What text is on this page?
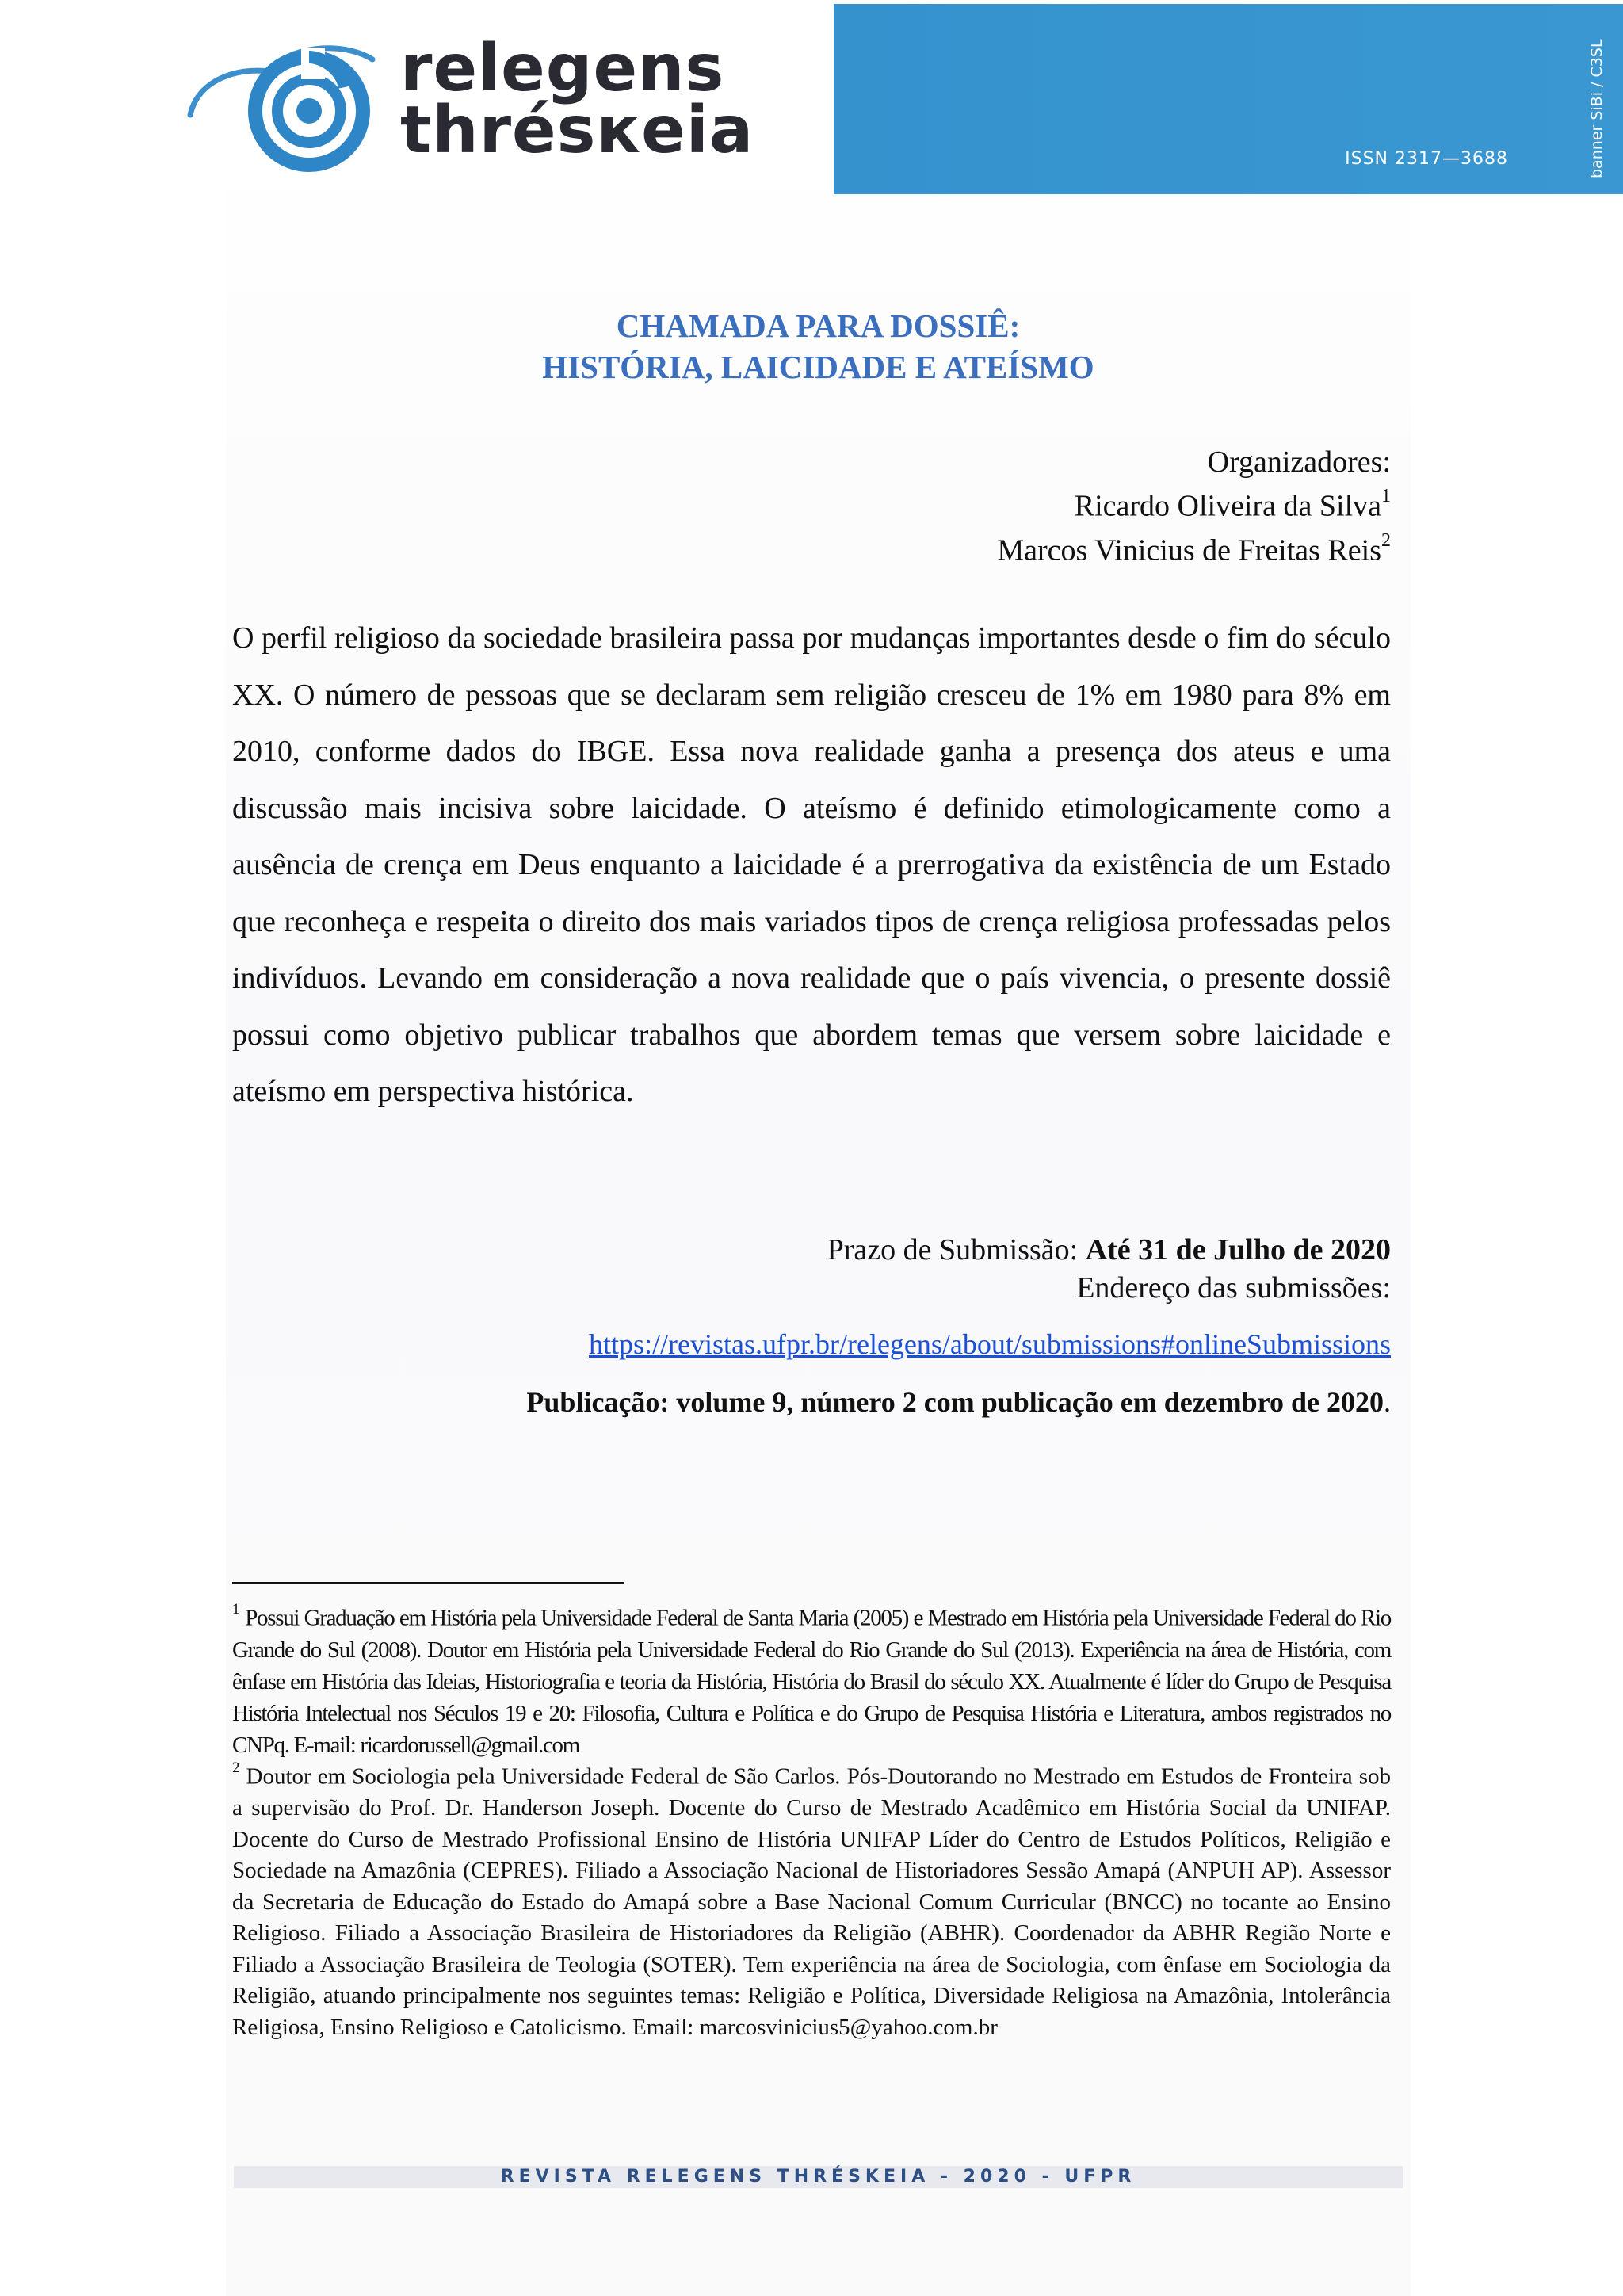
relegens
thrésкeia	ISSN 2317—3688	banner SiBi / C3SL
CHAMADA PARA DOSSIÊ:
HISTÓRIA, LAICIDADE E ATEÍSMO
Organizadores:
Ricardo Oliveira da Silva$^1$
Marcos Vinicius de Freitas Reis$^2$
O perfil religioso da sociedade brasileira passa por mudanças importantes desde o fim do século XX. O número de pessoas que se declaram sem religião cresceu de 1% em 1980 para 8% em 2010, conforme dados do IBGE. Essa nova realidade ganha a presença dos ateus e uma discussão mais incisiva sobre laicidade. O ateísmo é definido etimologicamente como a ausência de crença em Deus enquanto a laicidade é a prerrogativa da existência de um Estado que reconheça e respeita o direito dos mais variados tipos de crença religiosa professadas pelos indivíduos. Levando em consideração a nova realidade que o país vivencia, o presente dossiê possui como objetivo publicar trabalhos que abordem temas que versem sobre laicidade e ateísmo em perspectiva histórica.
Prazo de Submissão: Até 31 de Julho de 2020
Endereço das submissões:
https://revistas.ufpr.br/relegens/about/submissions#onlineSubmissions
Publicação: volume 9, número 2 com publicação em dezembro de 2020.
$^1$ Possui Graduação em História pela Universidade Federal de Santa Maria (2005) e Mestrado em História pela Universidade Federal do Rio Grande do Sul (2008). Doutor em História pela Universidade Federal do Rio Grande do Sul (2013). Experiência na área de História, com ênfase em História das Ideias, Historiografia e teoria da História, História do Brasil do século XX. Atualmente é líder do Grupo de Pesquisa História Intelectual nos Séculos 19 e 20: Filosofia, Cultura e Política e do Grupo de Pesquisa História e Literatura, ambos registrados no CNPq. E-mail: ricardorussell@gmail.com
$^2$ Doutor em Sociologia pela Universidade Federal de São Carlos. Pós-Doutorando no Mestrado em Estudos de Fronteira sob a supervisão do Prof. Dr. Handerson Joseph. Docente do Curso de Mestrado Acadêmico em História Social da UNIFAP. Docente do Curso de Mestrado Profissional Ensino de História UNIFAP Líder do Centro de Estudos Políticos, Religião e Sociedade na Amazônia (CEPRES). Filiado a Associação Nacional de Historiadores Sessão Amapá (ANPUH AP). Assessor da Secretaria de Educação do Estado do Amapá sobre a Base Nacional Comum Curricular (BNCC) no tocante ao Ensino Religioso. Filiado a Associação Brasileira de Historiadores da Religião (ABHR). Coordenador da ABHR Região Norte e Filiado a Associação Brasileira de Teologia (SOTER). Tem experiência na área de Sociologia, com ênfase em Sociologia da Religião, atuando principalmente nos seguintes temas: Religião e Política, Diversidade Religiosa na Amazônia, Intolerância Religiosa, Ensino Religioso e Catolicismo. Email: marcosvinicius5@yahoo.com.br
REVISTA RELEGENS THRÉSKEIA - 2020 - UFPR
